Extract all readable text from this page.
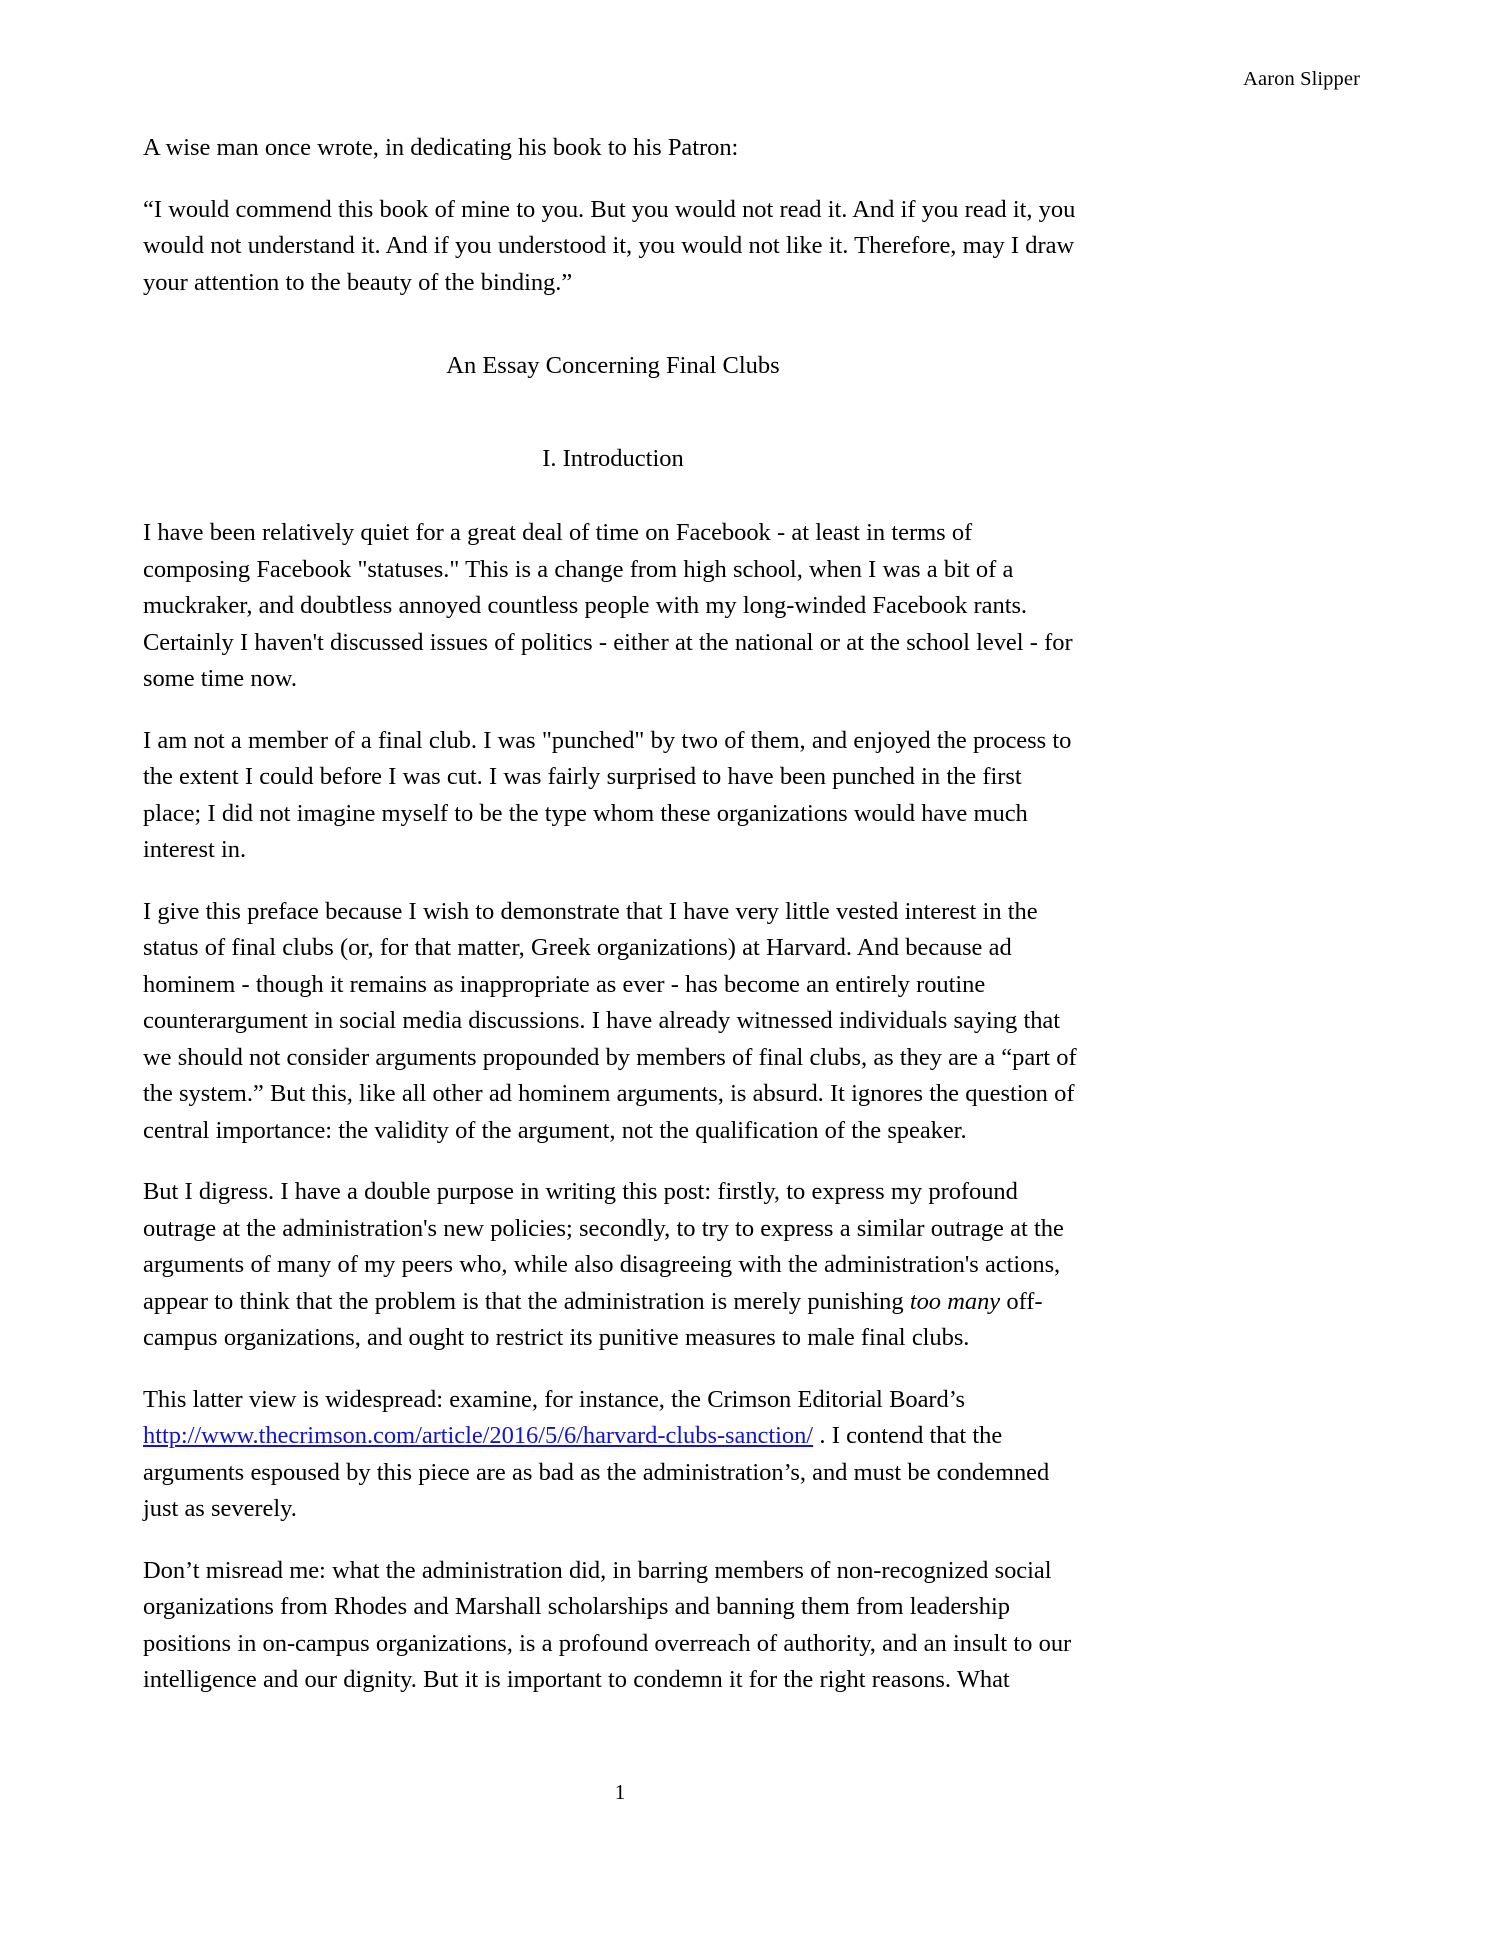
Aaron Slipper

A wise man once wrote, in dedicating his book to his Patron:

“I would commend this book of mine to you. But you would not read it. And if you read it, you would not understand it. And if you understood it, you would not like it. Therefore, may I draw your attention to the beauty of the binding.”

An Essay Concerning Final Clubs

I. Introduction

I have been relatively quiet for a great deal of time on Facebook - at least in terms of composing Facebook "statuses." This is a change from high school, when I was a bit of a muckraker, and doubtless annoyed countless people with my long-winded Facebook rants. Certainly I haven't discussed issues of politics - either at the national or at the school level - for some time now.

I am not a member of a final club. I was "punched" by two of them, and enjoyed the process to the extent I could before I was cut. I was fairly surprised to have been punched in the first place; I did not imagine myself to be the type whom these organizations would have much interest in.

I give this preface because I wish to demonstrate that I have very little vested interest in the status of final clubs (or, for that matter, Greek organizations) at Harvard. And because ad hominem - though it remains as inappropriate as ever - has become an entirely routine counterargument in social media discussions. I have already witnessed individuals saying that we should not consider arguments propounded by members of final clubs, as they are a “part of the system.” But this, like all other ad hominem arguments, is absurd. It ignores the question of central importance: the validity of the argument, not the qualification of the speaker.

But I digress. I have a double purpose in writing this post: firstly, to express my profound outrage at the administration's new policies; secondly, to try to express a similar outrage at the arguments of many of my peers who, while also disagreeing with the administration's actions, appear to think that the problem is that the administration is merely punishing too many off-campus organizations, and ought to restrict its punitive measures to male final clubs.

This latter view is widespread: examine, for instance, the Crimson Editorial Board’s http://www.thecrimson.com/article/2016/5/6/harvard-clubs-sanction/ . I contend that the arguments espoused by this piece are as bad as the administration’s, and must be condemned just as severely.

Don’t misread me: what the administration did, in barring members of non-recognized social organizations from Rhodes and Marshall scholarships and banning them from leadership positions in on-campus organizations, is a profound overreach of authority, and an insult to our intelligence and our dignity. But it is important to condemn it for the right reasons. What

1
